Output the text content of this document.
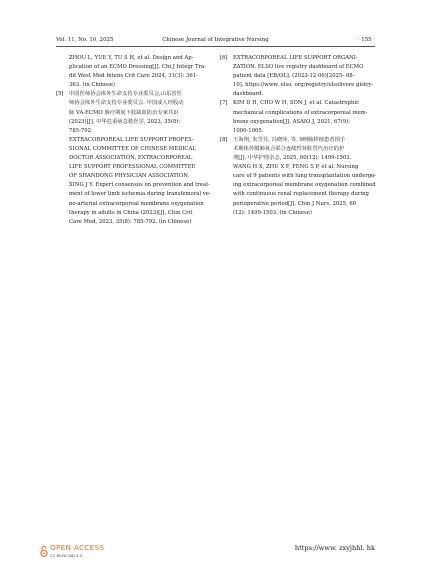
Vol. 11, No. 10, 2025	Chinese Journal of Integrative Nursing	· 155 ·
ZHOU L, YUE Y, TU S H, et al. Design and Ap-
plication of an ECMO Dressing[J]. Chi J Integr Tra-
dit West Med Intens Crit Care 2024, 31(3): 361-
363. (in Chinese)
[5] 中国医师协会体外生命支持专业委员会,山东省医
师协会体外生命支持专业委员会. 中国成人经股动
脉 VA-ECMO 肠疗期间下肢缺血防治专家共识
(2023)[J]. 中华危重病急救医学, 2023, 35(8):
785-792.
EXTRACORPOREAL LIFE SUPPORT PROFES-
SIONAL COMMITTEE OF CHINESE MEDICAL
DOCTOR ASSOCIATION, EXTRACORPOREAL
LIFE SUPPORT PROFESSIONAL COMMITTEE
OF SHANDONG PHYSICIAN ASSOCIATION,
XING J Y. Expert consensus on prevention and treat-
ment of lower limb ischemia during transfemoral ve-
no-arterial extracorporeal membrane oxygenation
therapy in adults in China (2023)[J]. Chin Crit
Care Med, 2023, 35(8): 785-792. (in Chinese)
[6] EXTRACORPOREAL LIFE SUPPORT ORGANI-
ZATION. ELSO live registry dashboard of ECMO
patient data [EB/OL]. (2023-12-06)[2025- 08-
10]. https://www. elso. org/registry/elsolivere gistry-
dashboard.
[7] KIM D H, CHO W H, SON J, et al. Catastrophic
mechanical complications of extracorporeal mem-
brane oxygenation[J]. ASAIO J, 2021, 67(9):
1000-1005.
[8] 王海翔, 朱雪芬, 冯晓萍, 等. 9例肺移植患者围手
术期体外膜肺氧合联合连续性肾脏替代治疗的护
理[J]. 中华护理杂志, 2025, 60(12): 1499-1503.
WANG H X, ZHU X F, FENG S P, et al. Nursing
care of 9 patients with lung transplantation undergo-
ing extracorporeal membrane oxygenation combined
with continuous renal replacement therapy during
perioperative period[J]. Chin J Nurs, 2025, 60
(12): 1499-1503. (in Chinese)
OPEN ACCESS
CC BY-NC-ND 4.0
https://www. zxyjhhl. hk
